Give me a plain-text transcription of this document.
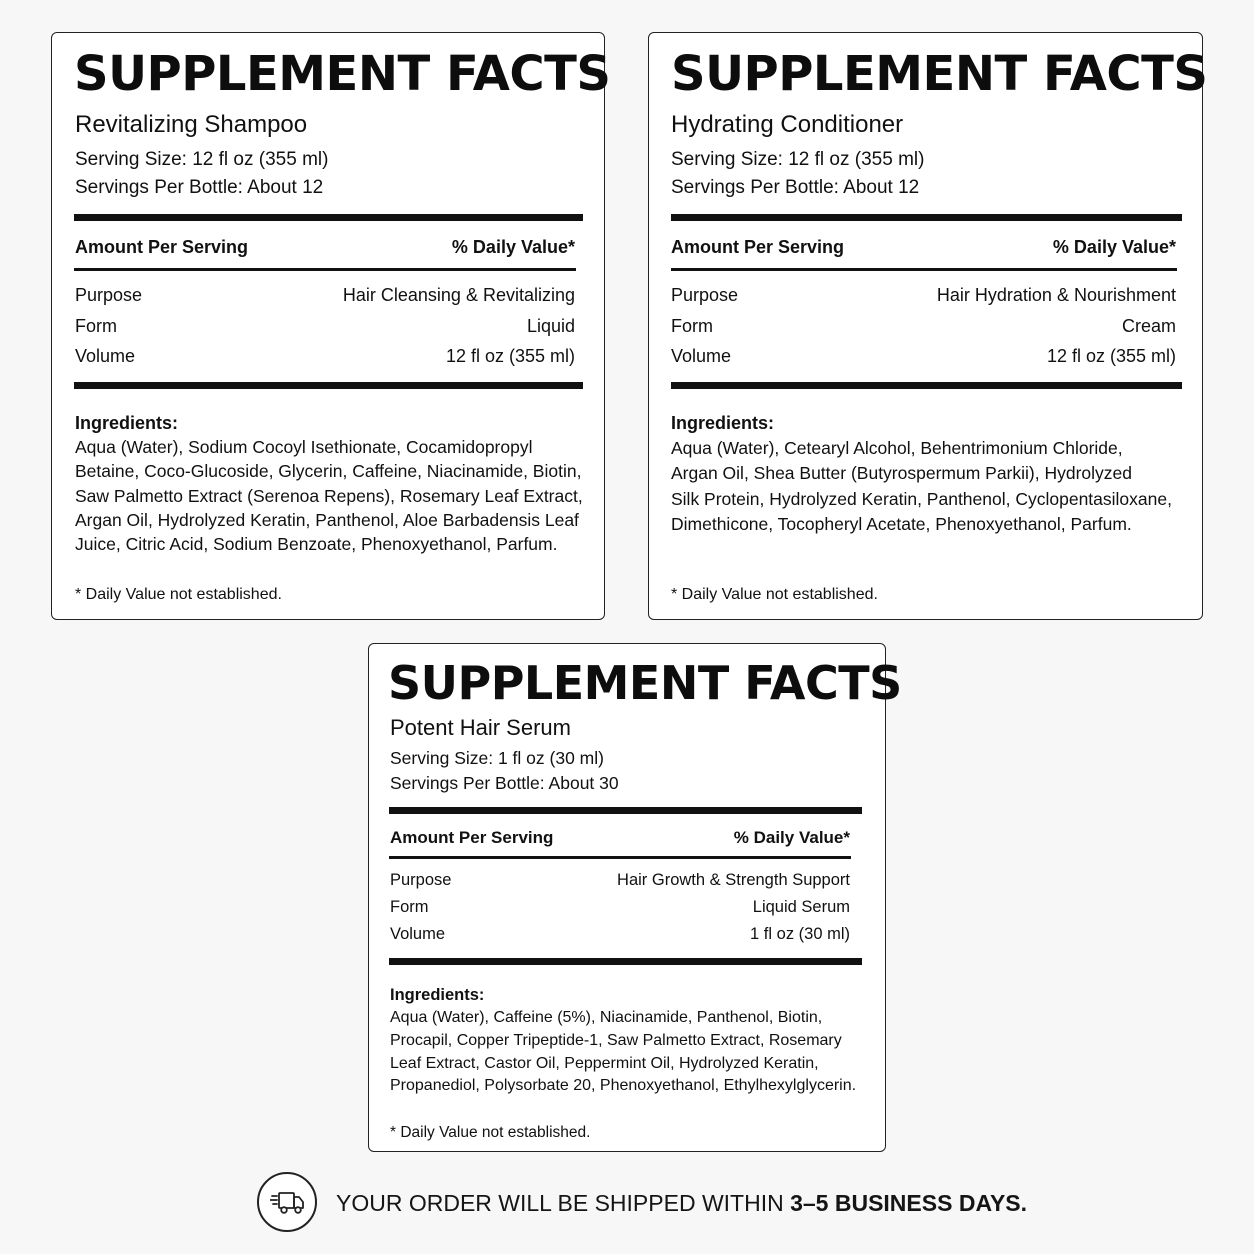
SUPPLEMENT FACTS
Revitalizing Shampoo
Serving Size: 12 fl oz (355 ml)
Servings Per Bottle: About 12
Amount Per Serving	% Daily Value*
Purpose	Hair Cleansing & Revitalizing
Form	Liquid
Volume	12 fl oz (355 ml)
Ingredients:
Aqua (Water), Sodium Cocoyl Isethionate, Cocamidopropyl
Betaine, Coco-Glucoside, Glycerin, Caffeine, Niacinamide, Biotin,
Saw Palmetto Extract (Serenoa Repens), Rosemary Leaf Extract,
Argan Oil, Hydrolyzed Keratin, Panthenol, Aloe Barbadensis Leaf
Juice, Citric Acid, Sodium Benzoate, Phenoxyethanol, Parfum.
* Daily Value not established.
SUPPLEMENT FACTS
Hydrating Conditioner
Serving Size: 12 fl oz (355 ml)
Servings Per Bottle: About 12
Amount Per Serving	% Daily Value*
Purpose	Hair Hydration & Nourishment
Form	Cream
Volume	12 fl oz (355 ml)
Ingredients:
Aqua (Water), Cetearyl Alcohol, Behentrimonium Chloride,
Argan Oil, Shea Butter (Butyrospermum Parkii), Hydrolyzed
Silk Protein, Hydrolyzed Keratin, Panthenol, Cyclopentasiloxane,
Dimethicone, Tocopheryl Acetate, Phenoxyethanol, Parfum.
* Daily Value not established.
SUPPLEMENT FACTS
Potent Hair Serum
Serving Size: 1 fl oz (30 ml)
Servings Per Bottle: About 30
Amount Per Serving	% Daily Value*
Purpose	Hair Growth & Strength Support
Form	Liquid Serum
Volume	1 fl oz (30 ml)
Ingredients:
Aqua (Water), Caffeine (5%), Niacinamide, Panthenol, Biotin,
Procapil, Copper Tripeptide-1, Saw Palmetto Extract, Rosemary
Leaf Extract, Castor Oil, Peppermint Oil, Hydrolyzed Keratin,
Propanediol, Polysorbate 20, Phenoxyethanol, Ethylhexylglycerin.
* Daily Value not established.
YOUR ORDER WILL BE SHIPPED WITHIN 3–5 BUSINESS DAYS.
